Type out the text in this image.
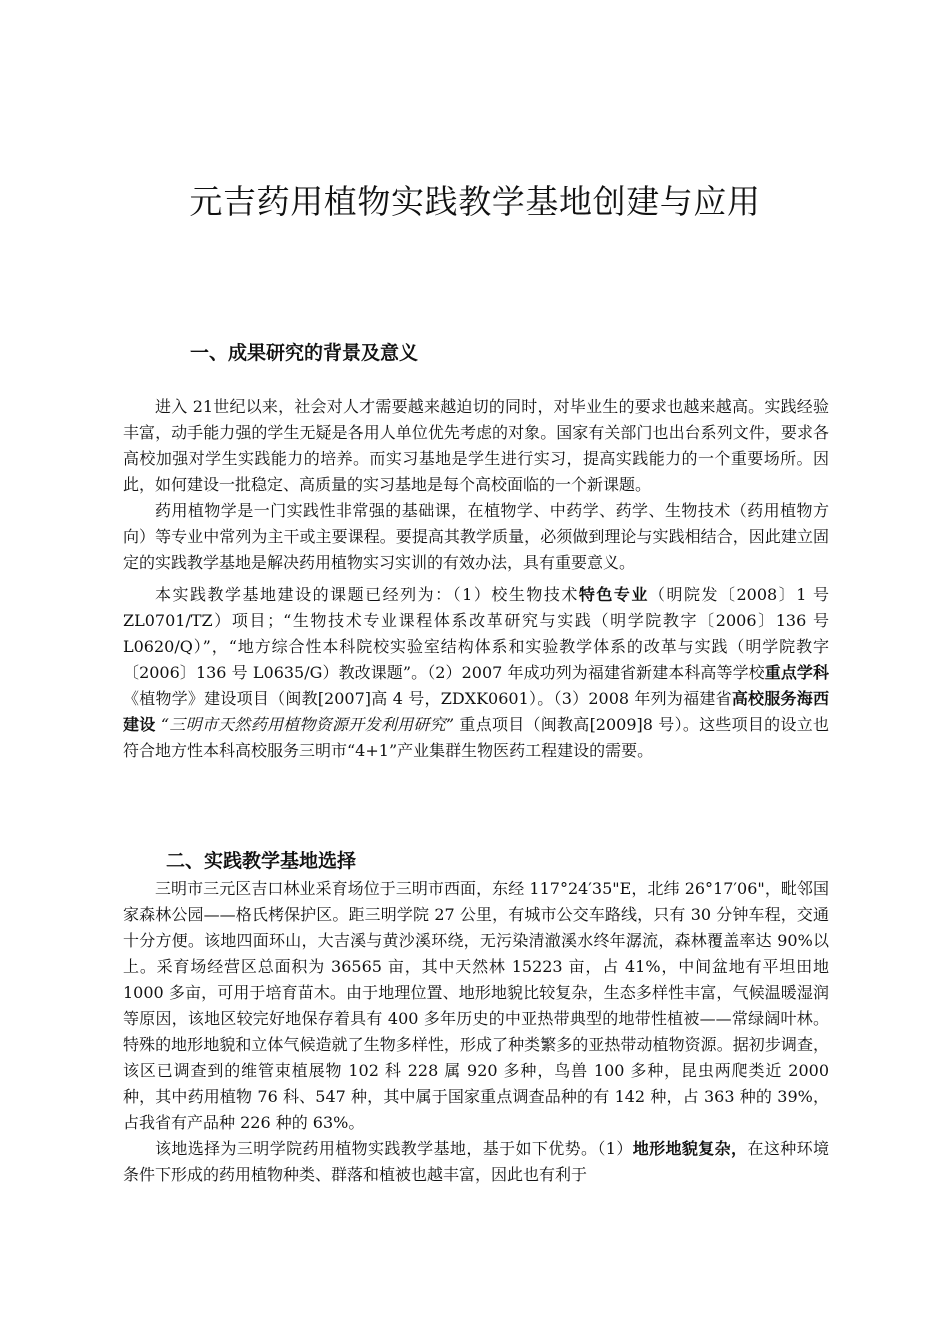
元吉药用植物实践教学基地创建与应用
一、成果研究的背景及意义

进入 21世纪以来，社会对人才需要越来越迫切的同时，对毕业生的要求也越来越高。实践经验丰富，动手能力强的学生无疑是各用人单位优先考虑的对象。国家有关部门也出台系列文件，要求各高校加强对学生实践能力的培养。而实习基地是学生进行实习，提高实践能力的一个重要场所。因此，如何建设一批稳定、高质量的实习基地是每个高校面临的一个新课题。

药用植物学是一门实践性非常强的基础课，在植物学、中药学、药学、生物技术（药用植物方向）等专业中常列为主干或主要课程。要提高其教学质量，必须做到理论与实践相结合，因此建立固定的实践教学基地是解决药用植物实习实训的有效办法，具有重要意义。

本实践教学基地建设的课题已经列为：（1）校生物技术特色专业（明院发〔2008〕1 号 ZL0701/TZ）项目；“生物技术专业课程体系改革研究与实践（明学院教字〔2006〕136 号 L0620/Q）”，“地方综合性本科院校实验室结构体系和实验教学体系的改革与实践（明学院教字〔2006〕136 号 L0635/G）教改课题”。（2）2007 年成功列为福建省新建本科高等学校重点学科《植物学》建设项目（闽教[2007]高 4 号，ZDXK0601）。（3）2008 年列为福建省高校服务海西建设 “三明市天然药用植物资源开发利用研究” 重点项目（闽教高[2009]8 号）。这些项目的设立也符合地方性本科高校服务三明市“4+1”产业集群生物医药工程建设的需要。

二、实践教学基地选择

三明市三元区吉口林业采育场位于三明市西面，东经 117°24′35"E，北纬 26°17′06"，毗邻国家森林公园——格氏栲保护区。距三明学院 27 公里，有城市公交车路线，只有 30 分钟车程，交通十分方便。该地四面环山，大吉溪与黄沙溪环绕，无污染清澈溪水终年潺流，森林覆盖率达 90%以上。采育场经营区总面积为 36565 亩，其中天然林 15223 亩，占 41%，中间盆地有平坦田地 1000 多亩，可用于培育苗木。由于地理位置、地形地貌比较复杂，生态多样性丰富，气候温暖湿润等原因，该地区较完好地保存着具有 400 多年历史的中亚热带典型的地带性植被——常绿阔叶林。特殊的地形地貌和立体气候造就了生物多样性，形成了种类繁多的亚热带动植物资源。据初步调查，该区已调查到的维管束植展物 102 科 228 属 920 多种，鸟兽 100 多种，昆虫两爬类近 2000 种，其中药用植物 76 科、547 种，其中属于国家重点调查品种的有 142 种，占 363 种的 39%，占我省有产品种 226 种的 63%。

该地选择为三明学院药用植物实践教学基地，基于如下优势。（1）地形地貌复杂，在这种环境条件下形成的药用植物种类、群落和植被也越丰富，因此也有利于
